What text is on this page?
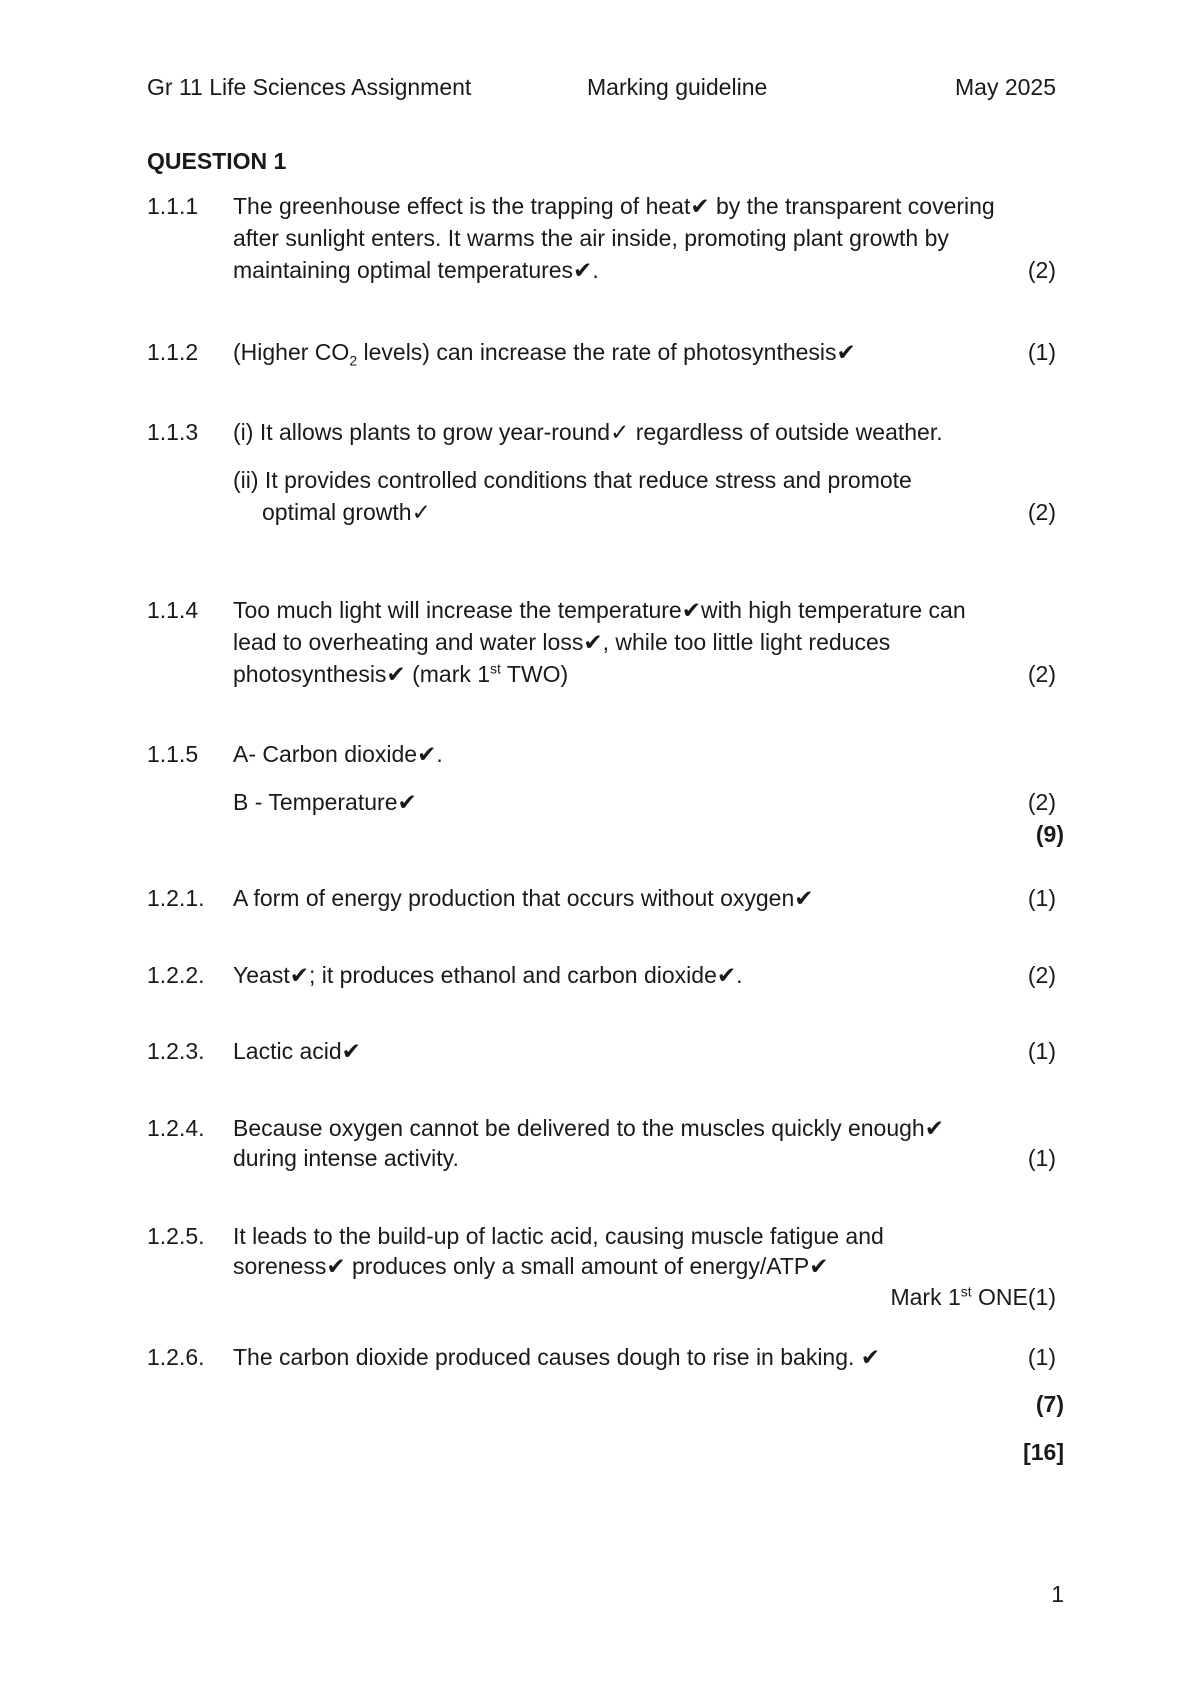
Gr 11 Life Sciences Assignment	Marking guideline	May 2025
QUESTION 1
1.1.1 The greenhouse effect is the trapping of heat✔ by the transparent covering
after sunlight enters. It warms the air inside, promoting plant growth by
maintaining optimal temperatures✔.	(2)
1.1.2 (Higher $CO_2$ levels) can increase the rate of photosynthesis✔	(1)
1.1.3 (i) It allows plants to grow year-round✓ regardless of outside weather.
(ii) It provides controlled conditions that reduce stress and promote
optimal growth✓	(2)
1.1.4 Too much light will increase the temperature✔with high temperature can
lead to overheating and water loss✔, while too little light reduces
photosynthesis✔ (mark 1st TWO)	(2)
1.1.5 A- Carbon dioxide✔.
B - Temperature✔	(2)
(9)
1.2.1. A form of energy production that occurs without oxygen✔	(1)
1.2.2. Yeast✔; it produces ethanol and carbon dioxide✔.	(2)
1.2.3. Lactic acid✔	(1)
1.2.4. Because oxygen cannot be delivered to the muscles quickly enough✔
during intense activity.	(1)
1.2.5. It leads to the build-up of lactic acid, causing muscle fatigue and
soreness✔ produces only a small amount of energy/ATP✔
Mark 1st ONE(1)
1.2.6. The carbon dioxide produced causes dough to rise in baking. ✔	(1)
(7)
[16]
1
